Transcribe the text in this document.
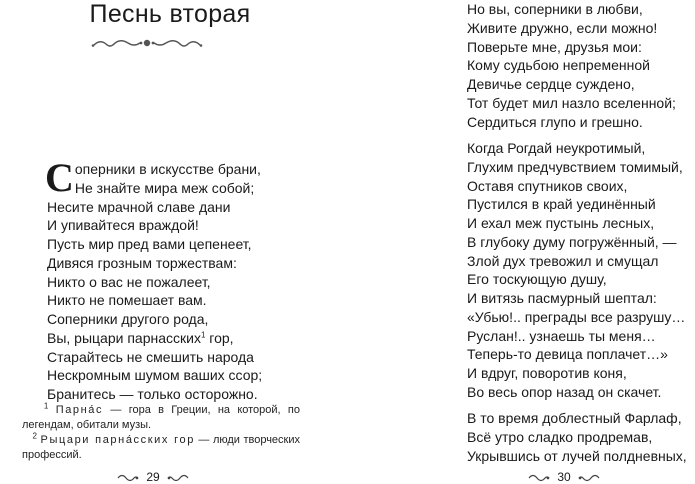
Песнь вторая
Соперники в искусстве брани,
Не знайте мира меж собой;
Несите мрачной славе дани
И упивайтеся враждой!
Пусть мир пред вами цепенеет,
Дивяся грозным торжествам:
Никто о вас не пожалеет,
Никто не помешает вам.
Соперники другого рода,
Вы, рыцари парнасских$^1$ гор,
Старайтесь не смешить народа
Нескромным шумом ваших ссор;
Бранитесь — только осторожно.

$^1$ Парна́с — гора в Греции, на которой, по легендам, обитали музы.

$^2$ Рыцари парна́сских гор — люди творческих профессий.

29
Но вы, соперники в любви,
Живите дружно, если можно!
Поверьте мне, друзья мои:
Кому судьбою непременной
Девичье сердце суждено,
Тот будет мил назло вселенной;
Сердиться глупо и грешно.
Когда Рогдай неукротимый,
Глухим предчувствием томимый,
Оставя спутников своих,
Пустился в край уединённый
И ехал меж пустынь лесных,
В глубоку думу погружённый, —
Злой дух тревожил и смущал
Его тоскующую душу,
И витязь пасмурный шептал:
«Убью!.. преграды все разрушу…
Руслан!.. узнаешь ты меня…
Теперь-то девица поплачет…»
И вдруг, поворотив коня,
Во весь опор назад он скачет.
В то время доблестный Фарлаф,
Всё утро сладко продремав,
Укрывшись от лучей полдневных,
30
